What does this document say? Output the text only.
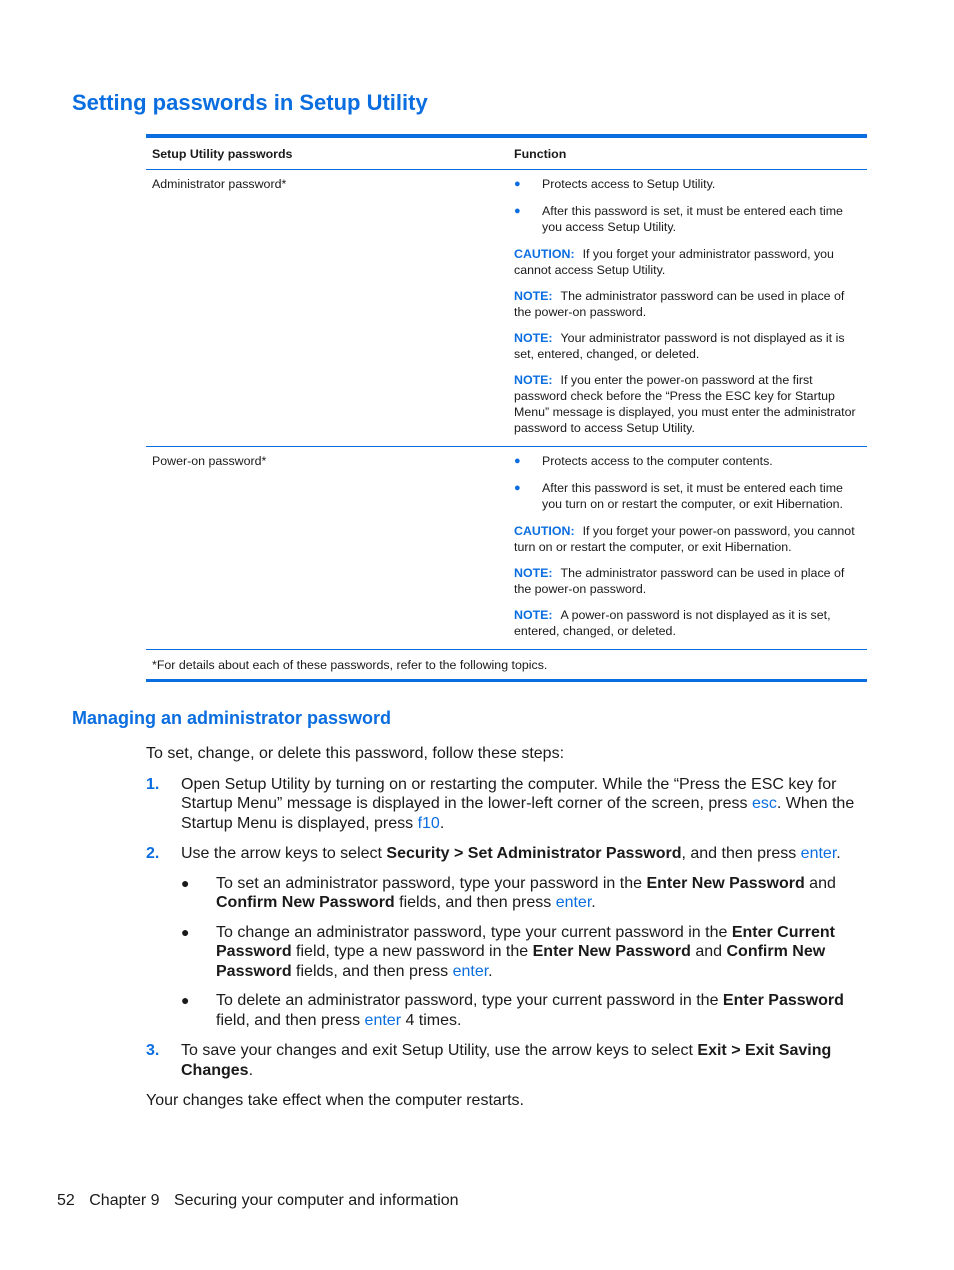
Setting passwords in Setup Utility
Setup Utility passwords	Function
Administrator password*	●	Protects access to Setup Utility.
●	After this password is set, it must be entered each time you access Setup Utility.

CAUTION: If you forget your administrator password, you cannot access Setup Utility.

NOTE: The administrator password can be used in place of the power-on password.

NOTE: Your administrator password is not displayed as it is set, entered, changed, or deleted.

NOTE: If you enter the power-on password at the first password check before the “Press the ESC key for Startup Menu” message is displayed, you must enter the administrator password to access Setup Utility.

Power-on password*	●	Protects access to the computer contents.
●	After this password is set, it must be entered each time you turn on or restart the computer, or exit Hibernation.

CAUTION: If you forget your power-on password, you cannot turn on or restart the computer, or exit Hibernation.

NOTE: The administrator password can be used in place of the power-on password.

NOTE: A power-on password is not displayed as it is set, entered, changed, or deleted.

*For details about each of these passwords, refer to the following topics.
Managing an administrator password

To set, change, or delete this password, follow these steps:

1.	Open Setup Utility by turning on or restarting the computer. While the “Press the ESC key for Startup Menu” message is displayed in the lower-left corner of the screen, press esc. When the Startup Menu is displayed, press f10.
2.	Use the arrow keys to select Security > Set Administrator Password, and then press enter.
●	To set an administrator password, type your password in the Enter New Password and Confirm New Password fields, and then press enter.
●	To change an administrator password, type your current password in the Enter Current Password field, type a new password in the Enter New Password and Confirm New Password fields, and then press enter.
●	To delete an administrator password, type your current password in the Enter Password field, and then press enter 4 times.
3.	To save your changes and exit Setup Utility, use the arrow keys to select Exit > Exit Saving Changes.

Your changes take effect when the computer restarts.

52 Chapter 9 Securing your computer and information
